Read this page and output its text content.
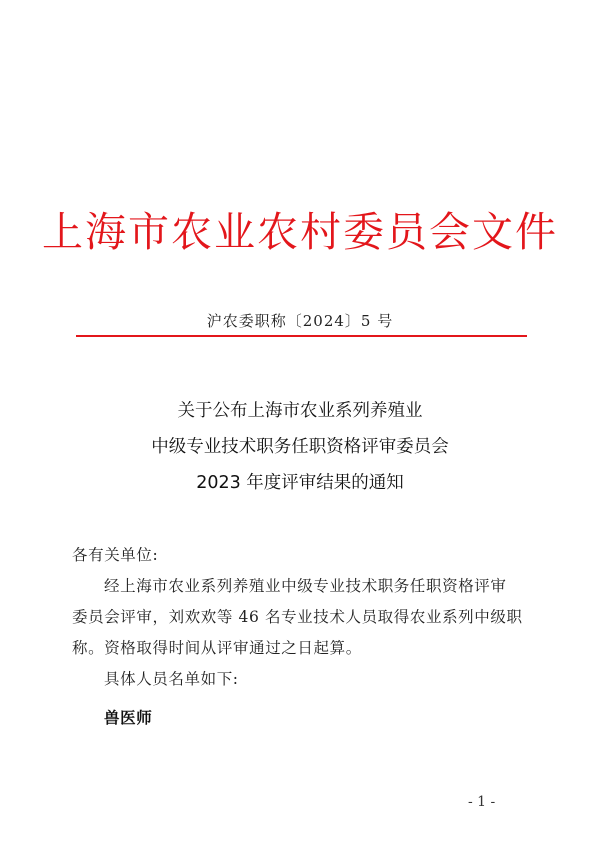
上海市农业农村委员会文件
沪农委职称〔2024〕5 号
关于公布上海市农业系列养殖业
中级专业技术职务任职资格评审委员会
2023 年度评审结果的通知
各有关单位:
经上海市农业系列养殖业中级专业技术职务任职资格评审
委员会评审，刘欢欢等 46 名专业技术人员取得农业系列中级职
称。资格取得时间从评审通过之日起算。
具体人员名单如下:
兽医师
- 1 -
